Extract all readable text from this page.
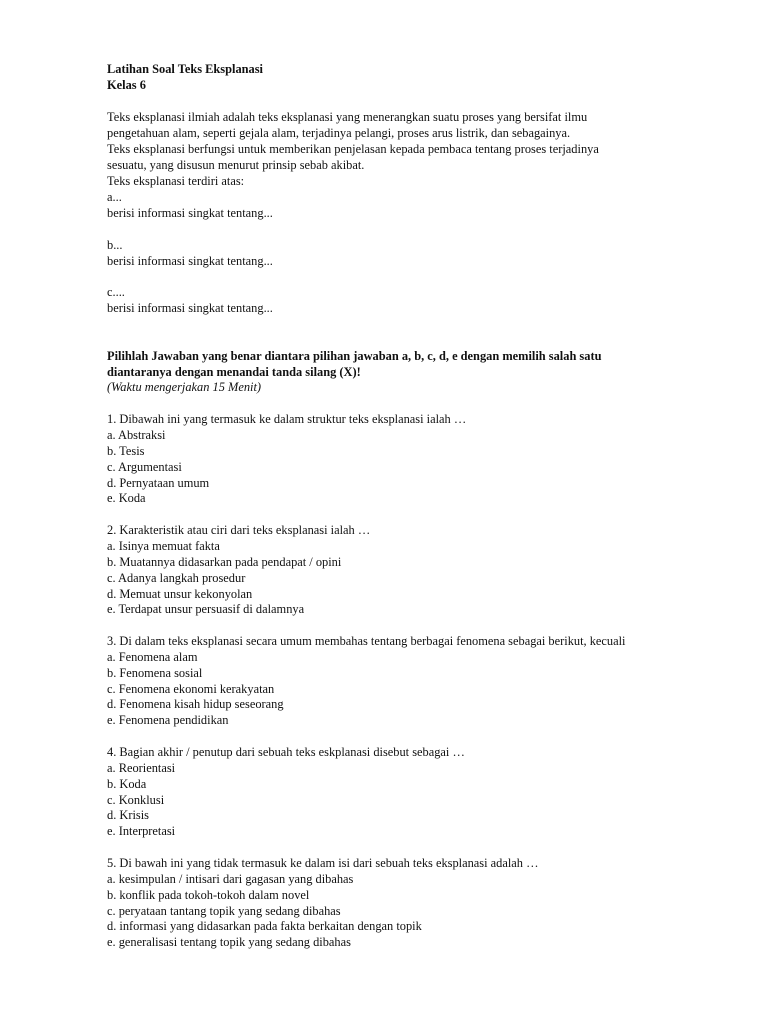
Latihan Soal Teks Eksplanasi
Kelas 6
Teks eksplanasi ilmiah adalah teks eksplanasi yang menerangkan suatu proses yang bersifat ilmu
pengetahuan alam, seperti gejala alam, terjadinya pelangi, proses arus listrik, dan sebagainya.
Teks eksplanasi berfungsi untuk memberikan penjelasan kepada pembaca tentang proses terjadinya
sesuatu, yang disusun menurut prinsip sebab akibat.
Teks eksplanasi terdiri atas:
a...
berisi informasi singkat tentang...
b...
berisi informasi singkat tentang...
c....
berisi informasi singkat tentang...
Pilihlah Jawaban yang benar diantara pilihan jawaban a, b, c, d, e dengan memilih salah satu
diantaranya dengan menandai tanda silang (X)!
(Waktu mengerjakan 15 Menit)
1. Dibawah ini yang termasuk ke dalam struktur teks eksplanasi ialah …
a. Abstraksi
b. Tesis
c. Argumentasi
d. Pernyataan umum
e. Koda
2. Karakteristik atau ciri dari teks eksplanasi ialah …
a. Isinya memuat fakta
b. Muatannya didasarkan pada pendapat / opini
c. Adanya langkah prosedur
d. Memuat unsur kekonyolan
e. Terdapat unsur persuasif di dalamnya
3. Di dalam teks eksplanasi secara umum membahas tentang berbagai fenomena sebagai berikut, kecuali
a. Fenomena alam
b. Fenomena sosial
c. Fenomena ekonomi kerakyatan
d. Fenomena kisah hidup seseorang
e. Fenomena pendidikan
4. Bagian akhir / penutup dari sebuah teks eskplanasi disebut sebagai …
a. Reorientasi
b. Koda
c. Konklusi
d. Krisis
e. Interpretasi
5. Di bawah ini yang tidak termasuk ke dalam isi dari sebuah teks eksplanasi adalah …
a. kesimpulan / intisari dari gagasan yang dibahas
b. konflik pada tokoh-tokoh dalam novel
c. peryataan tantang topik yang sedang dibahas
d. informasi yang didasarkan pada fakta berkaitan dengan topik
e. generalisasi tentang topik yang sedang dibahas
